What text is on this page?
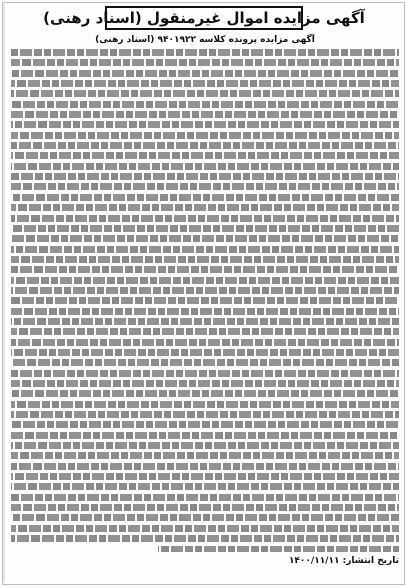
آگهی مزایده اموال غیرمنقول (اسناد رهنی)
آگهی مزایده پرونده کلاسه ۹۴۰۱۹۲۲ (اسناد رهنی)
تاریخ انتشار: ۱۴۰۰/۱۱/۱۱
